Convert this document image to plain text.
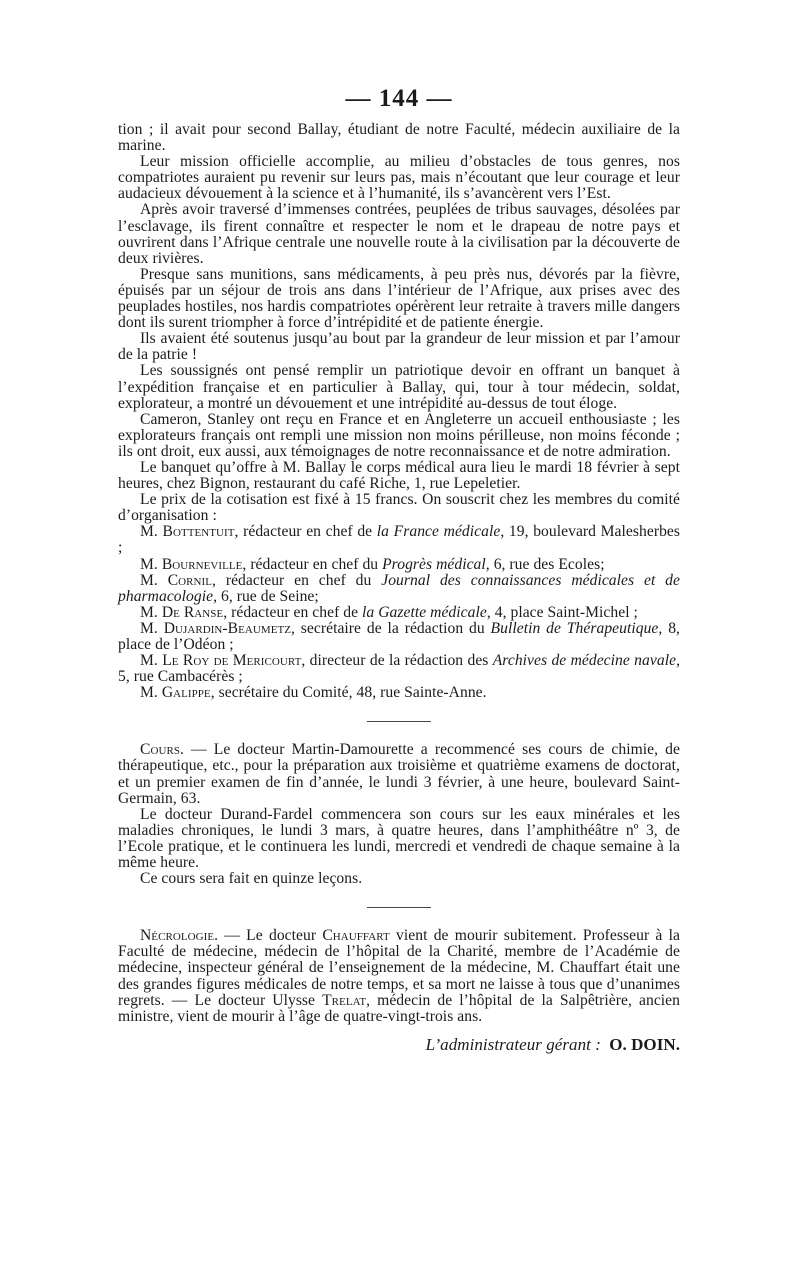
— 144 —

tion ; il avait pour second Ballay, étudiant de notre Faculté, médecin auxiliaire de la marine.

Leur mission officielle accomplie, au milieu d’obstacles de tous genres, nos compatriotes auraient pu revenir sur leurs pas, mais n’écoutant que leur courage et leur audacieux dévouement à la science et à l’humanité, ils s’avancèrent vers l’Est.

Après avoir traversé d’immenses contrées, peuplées de tribus sauvages, désolées par l’esclavage, ils firent connaître et respecter le nom et le drapeau de notre pays et ouvrirent dans l’Afrique centrale une nouvelle route à la civilisation par la découverte de deux rivières.

Presque sans munitions, sans médicaments, à peu près nus, dévorés par la fièvre, épuisés par un séjour de trois ans dans l’intérieur de l’Afrique, aux prises avec des peuplades hostiles, nos hardis compatriotes opérèrent leur retraite à travers mille dangers dont ils surent triompher à force d’intrépidité et de patiente énergie.

Ils avaient été soutenus jusqu’au bout par la grandeur de leur mission et par l’amour de la patrie !

Les soussignés ont pensé remplir un patriotique devoir en offrant un banquet à l’expédition française et en particulier à Ballay, qui, tour à tour médecin, soldat, explorateur, a montré un dévouement et une intrépidité au-dessus de tout éloge.

Cameron, Stanley ont reçu en France et en Angleterre un accueil enthousiaste ; les explorateurs français ont rempli une mission non moins périlleuse, non moins féconde ; ils ont droit, eux aussi, aux témoignages de notre reconnaissance et de notre admiration.

Le banquet qu’offre à M. Ballay le corps médical aura lieu le mardi 18 février à sept heures, chez Bignon, restaurant du café Riche, 1, rue Lepeletier.

Le prix de la cotisation est fixé à 15 francs. On souscrit chez les membres du comité d’organisation :

M. Bottentuit, rédacteur en chef de la France médicale, 19, boulevard Malesherbes ;

M. Bourneville, rédacteur en chef du Progrès médical, 6, rue des Ecoles;

M. Cornil, rédacteur en chef du Journal des connaissances médicales et de pharmacologie, 6, rue de Seine;

M. De Ranse, rédacteur en chef de la Gazette médicale, 4, place Saint-Michel ;

M. Dujardin-Beaumetz, secrétaire de la rédaction du Bulletin de Thérapeutique, 8, place de l’Odéon ;

M. Le Roy de Mericourt, directeur de la rédaction des Archives de médecine navale, 5, rue Cambacérès ;

M. Galippe, secrétaire du Comité, 48, rue Sainte-Anne.

Cours. — Le docteur Martin-Damourette a recommencé ses cours de chimie, de thérapeutique, etc., pour la préparation aux troisième et quatrième examens de doctorat, et un premier examen de fin d’année, le lundi 3 février, à une heure, boulevard Saint-Germain, 63.

Le docteur Durand-Fardel commencera son cours sur les eaux minérales et les maladies chroniques, le lundi 3 mars, à quatre heures, dans l’amphithéâtre nº 3, de l’Ecole pratique, et le continuera les lundi, mercredi et vendredi de chaque semaine à la même heure.

Ce cours sera fait en quinze leçons.

Nécrologie. — Le docteur Chauffart vient de mourir subitement. Professeur à la Faculté de médecine, médecin de l’hôpital de la Charité, membre de l’Académie de médecine, inspecteur général de l’enseignement de la médecine, M. Chauffart était une des grandes figures médicales de notre temps, et sa mort ne laisse à tous que d’unanimes regrets. — Le docteur Ulysse Trelat, médecin de l’hôpital de la Salpêtrière, ancien ministre, vient de mourir à l’âge de quatre-vingt-trois ans.

L’administrateur gérant : O. DOIN.
